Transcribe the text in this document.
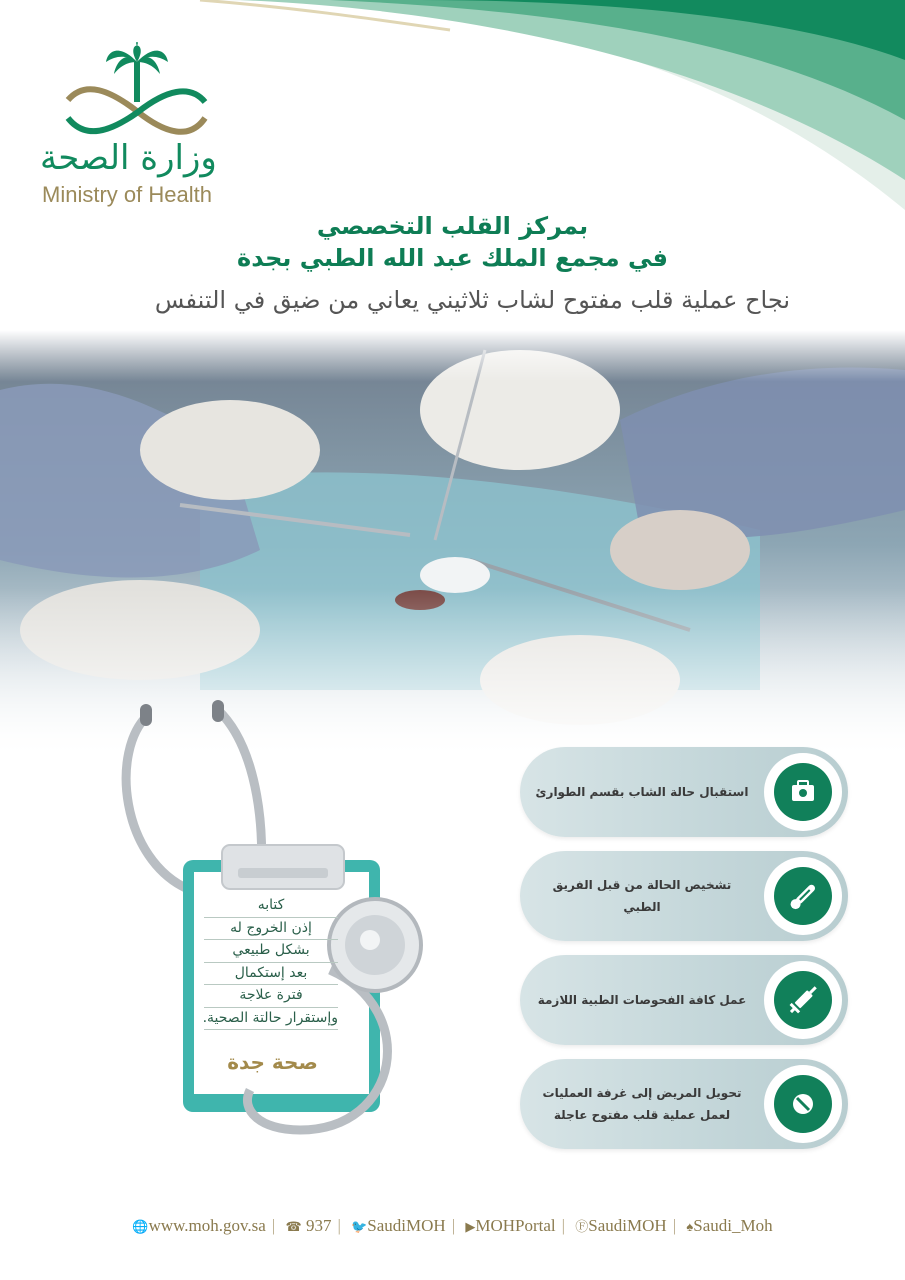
وزارة الصحة
Ministry of Health
بمركز القلب التخصصي
في مجمع الملك عبد الله الطبي بجدة
نجاح عملية قلب مفتوح لشاب ثلاثيني يعاني من ضيق في التنفس
كتابه
إذن الخروج له
بشكل طبيعي
بعد إستكمال
فترة علاجة
وإستقرار حالتة الصحية.
صحة جدة
استقبال حالة الشاب بقسم الطوارئ
تشخيص الحالة من قبل الفريق الطبي
عمل كافة الفحوصات الطبية اللازمة
تحويل المريض إلى غرفة العمليات
لعمل عملية قلب مفتوح عاجلة
🌐www.moh.gov.sa | ☎ 937 | 🐦SaudiMOH | ▶MOHPortal | ⒻSaudiMOH | ♠Saudi_Moh
